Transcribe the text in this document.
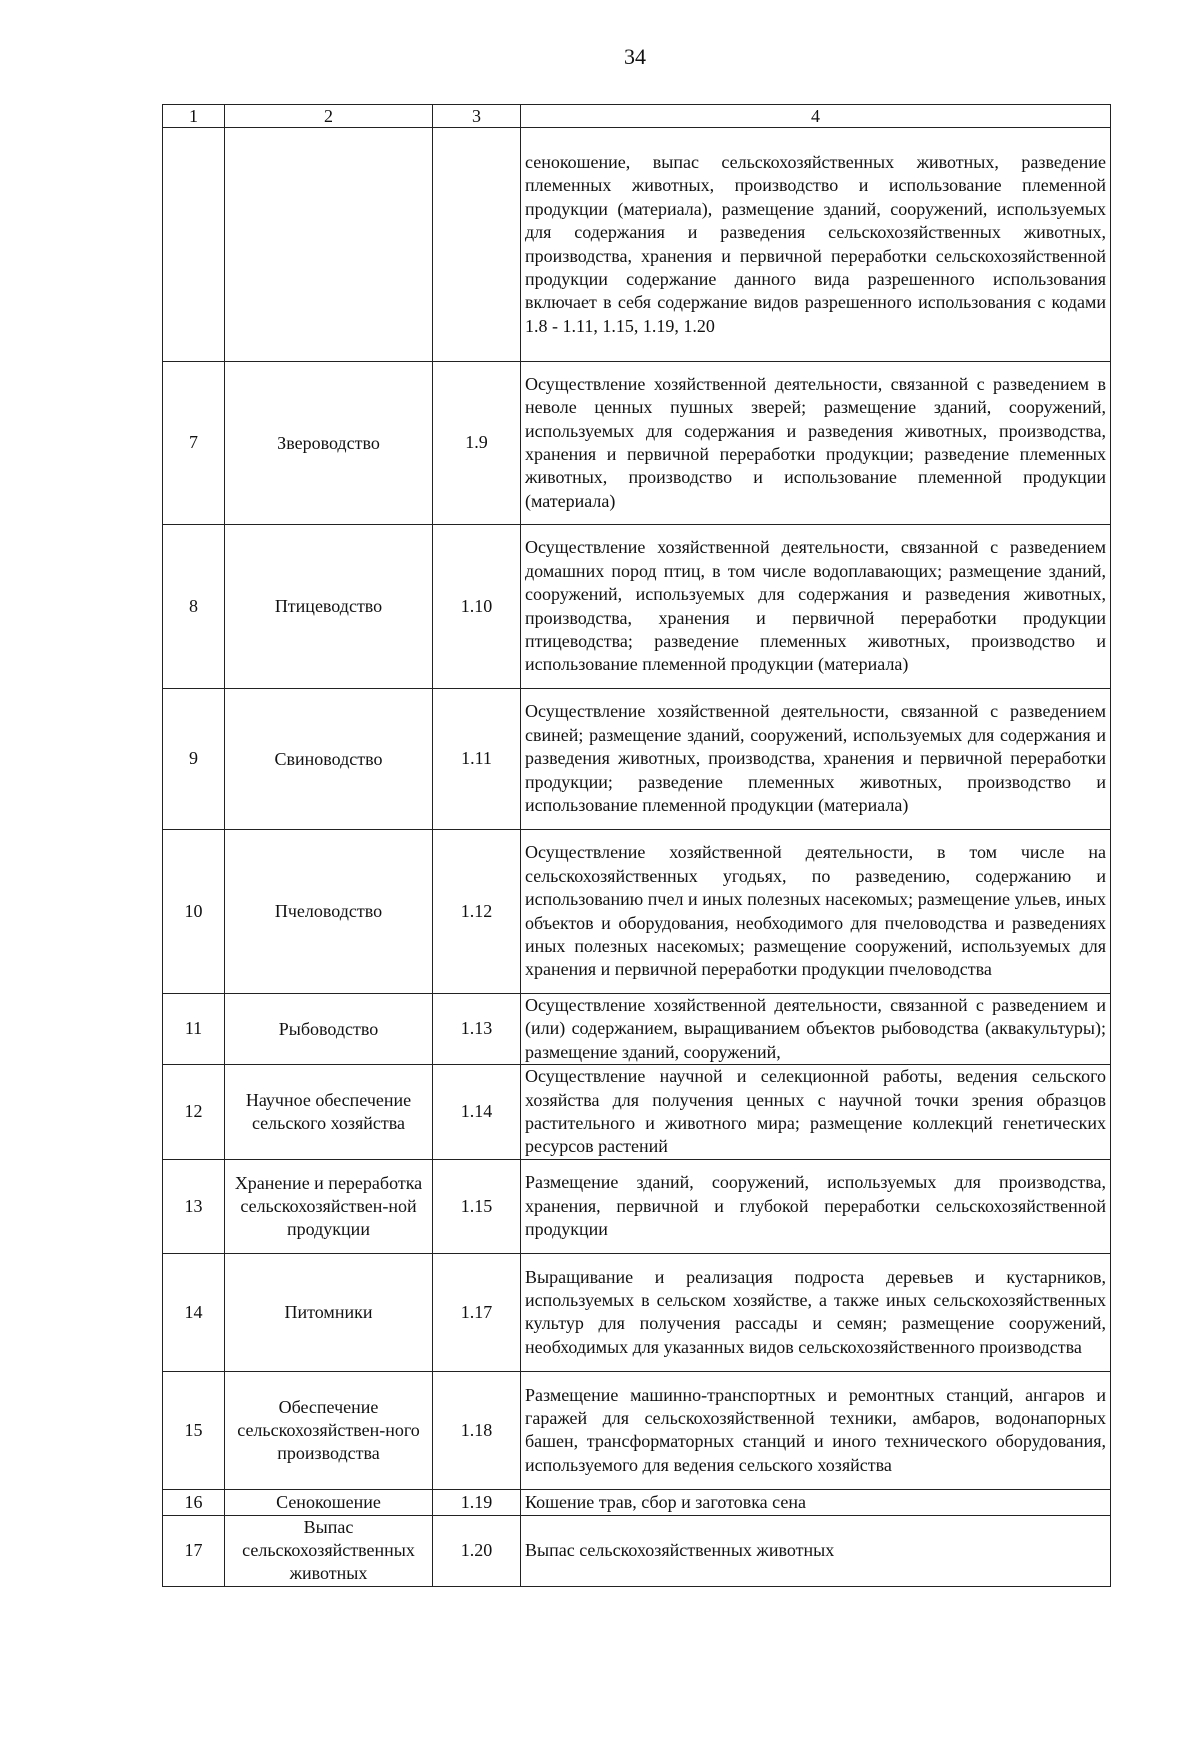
34
1	2	3	4
			сенокошение, выпас сельскохозяйственных животных, разведение племенных животных, производство и использование племенной продукции (материала), размещение зданий, сооружений, используемых для содержания и разведения сельскохозяйственных животных, производства, хранения и первичной переработки сельскохозяйственной продукции содержание данного вида разрешенного использования включает в себя содержание видов разрешенного использования с кодами 1.8 - 1.11, 1.15, 1.19, 1.20
7	Звероводство	1.9	Осуществление хозяйственной деятельности, связанной с разведением в неволе ценных пушных зверей; размещение зданий, сооружений, используемых для содержания и разведения животных, производства, хранения и первичной переработки продукции; разведение племенных животных, производство и использование племенной продукции (материала)
8	Птицеводство	1.10	Осуществление хозяйственной деятельности, связанной с разведением домашних пород птиц, в том числе водоплавающих; размещение зданий, сооружений, используемых для содержания и разведения животных, производства, хранения и первичной переработки продукции птицеводства; разведение племенных животных, производство и использование племенной продукции (материала)
9	Свиноводство	1.11	Осуществление хозяйственной деятельности, связанной с разведением свиней; размещение зданий, сооружений, используемых для содержания и разведения животных, производства, хранения и первичной переработки продукции; разведение племенных животных, производство и использование племенной продукции (материала)
10	Пчеловодство	1.12	Осуществление хозяйственной деятельности, в том числе на сельскохозяйственных угодьях, по разведению, содержанию и использованию пчел и иных полезных насекомых; размещение ульев, иных объектов и оборудования, необходимого для пчеловодства и разведениях иных полезных насекомых; размещение сооружений, используемых для хранения и первичной переработки продукции пчеловодства
11	Рыбоводство	1.13	Осуществление хозяйственной деятельности, связанной с разведением и (или) содержанием, выращиванием объектов рыбоводства (аквакультуры); размещение зданий, сооружений,
12	Научное обеспечение сельского хозяйства	1.14	Осуществление научной и селекционной работы, ведения сельского хозяйства для получения ценных с научной точки зрения образцов растительного и животного мира; размещение коллекций генетических ресурсов растений
13	Хранение и переработка сельскохозяйствен-ной продукции	1.15	Размещение зданий, сооружений, используемых для производства, хранения, первичной и глубокой переработки сельскохозяйственной продукции
14	Питомники	1.17	Выращивание и реализация подроста деревьев и кустарников, используемых в сельском хозяйстве, а также иных сельскохозяйственных культур для получения рассады и семян; размещение сооружений, необходимых для указанных видов сельскохозяйственного производства
15	Обеспечение сельскохозяйствен-ного производства	1.18	Размещение машинно-транспортных и ремонтных станций, ангаров и гаражей для сельскохозяйственной техники, амбаров, водонапорных башен, трансформаторных станций и иного технического оборудования, используемого для ведения сельского хозяйства
16	Сенокошение	1.19	Кошение трав, сбор и заготовка сена
17	Выпас сельскохозяйственных животных	1.20	Выпас сельскохозяйственных животных
